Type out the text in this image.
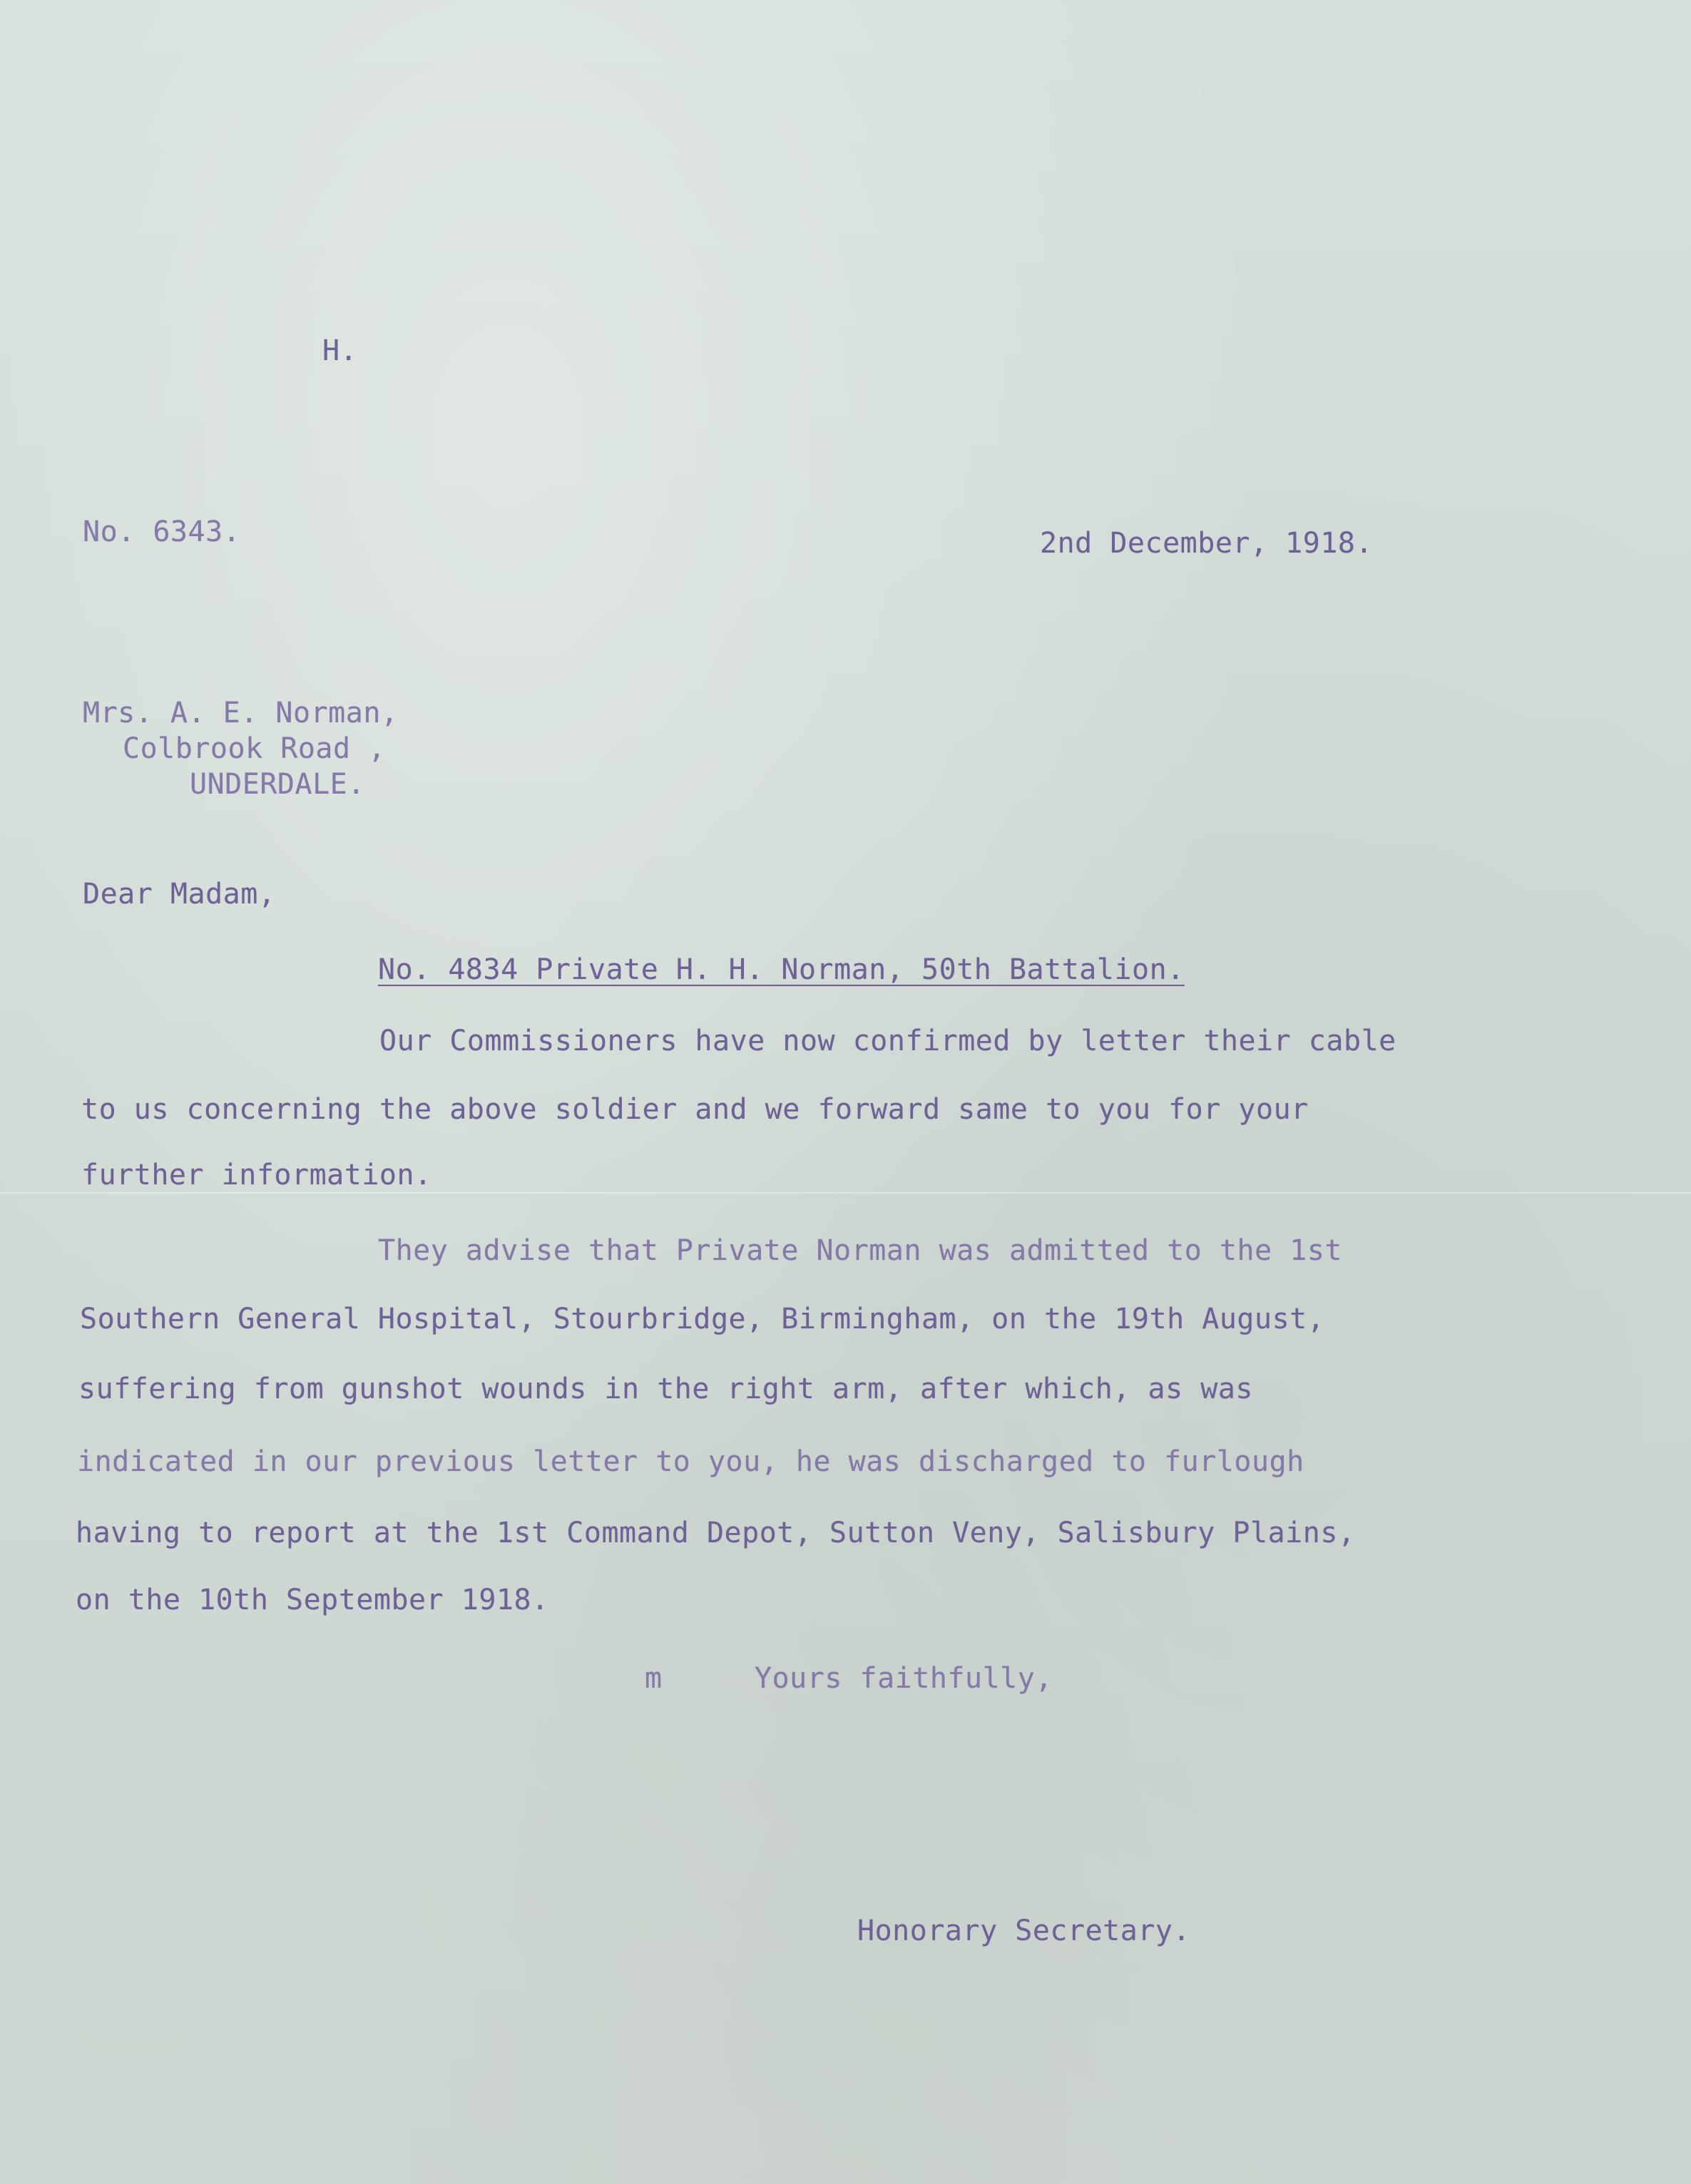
H.

No. 6343.	2nd December, 1918.

Mrs. A. E. Norman,

Colbrook Road ,

UNDERDALE.

Dear Madam,

No. 4834 Private H. H. Norman, 50th Battalion.

Our Commissioners have now confirmed by letter their cable

to us concerning the above soldier and we forward same to you for your

further information.

They advise that Private Norman was admitted to the 1st

Southern General Hospital, Stourbridge, Birmingham, on the 19th August,

suffering from gunshot wounds in the right arm, after which, as was

indicated in our previous letter to you, he was discharged to furlough

having to report at the 1st Command Depot, Sutton Veny, Salisbury Plains,

on the 10th September 1918.

m	Yours faithfully,

Honorary Secretary.
